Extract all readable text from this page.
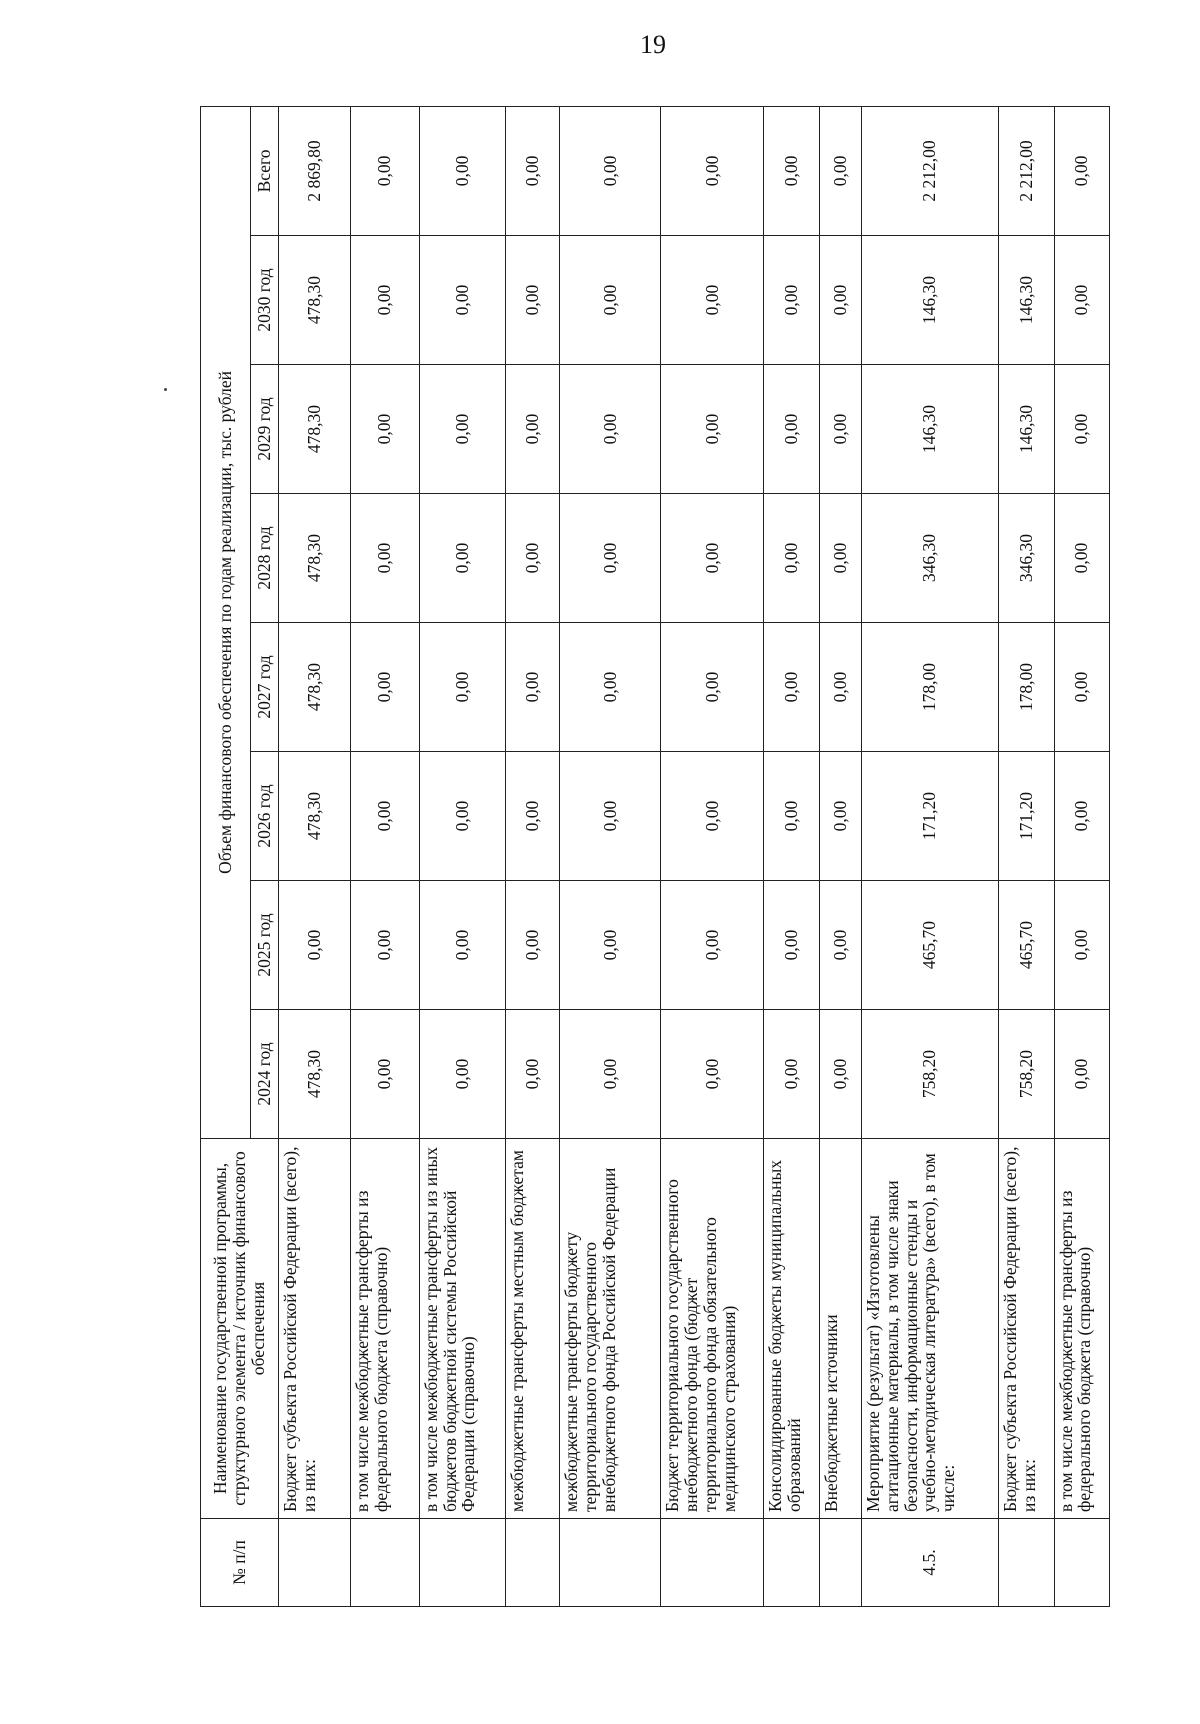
19
№ п/п	Наименование государственной программы, структурного элемента / источник финансового обеспечения	Объем финансового обеспечения по годам реализации, тыс. рублей							
		2024 год	2025 год	2026 год	2027 год	2028 год	2029 год	2030 год	Всего
	Бюджет субъекта Российской Федерации (всего), из них:	478,30	0,00	478,30	478,30	478,30	478,30	478,30	2 869,80
	в том числе межбюджетные трансферты из федерального бюджета (справочно)	0,00	0,00	0,00	0,00	0,00	0,00	0,00	0,00
	в том числе межбюджетные трансферты из иных бюджетов бюджетной системы Российской Федерации (справочно)	0,00	0,00	0,00	0,00	0,00	0,00	0,00	0,00
	межбюджетные трансферты местным бюджетам	0,00	0,00	0,00	0,00	0,00	0,00	0,00	0,00
	межбюджетные трансферты бюджету территориального государственного внебюджетного фонда Российской Федерации	0,00	0,00	0,00	0,00	0,00	0,00	0,00	0,00
	Бюджет территориального государственного внебюджетного фонда (бюджет территориального фонда обязательного медицинского страхования)	0,00	0,00	0,00	0,00	0,00	0,00	0,00	0,00
	Консолидированные бюджеты муниципальных образований	0,00	0,00	0,00	0,00	0,00	0,00	0,00	0,00
	Внебюджетные источники	0,00	0,00	0,00	0,00	0,00	0,00	0,00	0,00
4.5.	Мероприятие (результат) «Изготовлены агитационные материалы, в том числе знаки безопасности, информационные стенды и учебно-методическая литература» (всего), в том числе:	758,20	465,70	171,20	178,00	346,30	146,30	146,30	2 212,00
	Бюджет субъекта Российской Федерации (всего), из них:	758,20	465,70	171,20	178,00	346,30	146,30	146,30	2 212,00
	в том числе межбюджетные трансферты из федерального бюджета (справочно)	0,00	0,00	0,00	0,00	0,00	0,00	0,00	0,00
